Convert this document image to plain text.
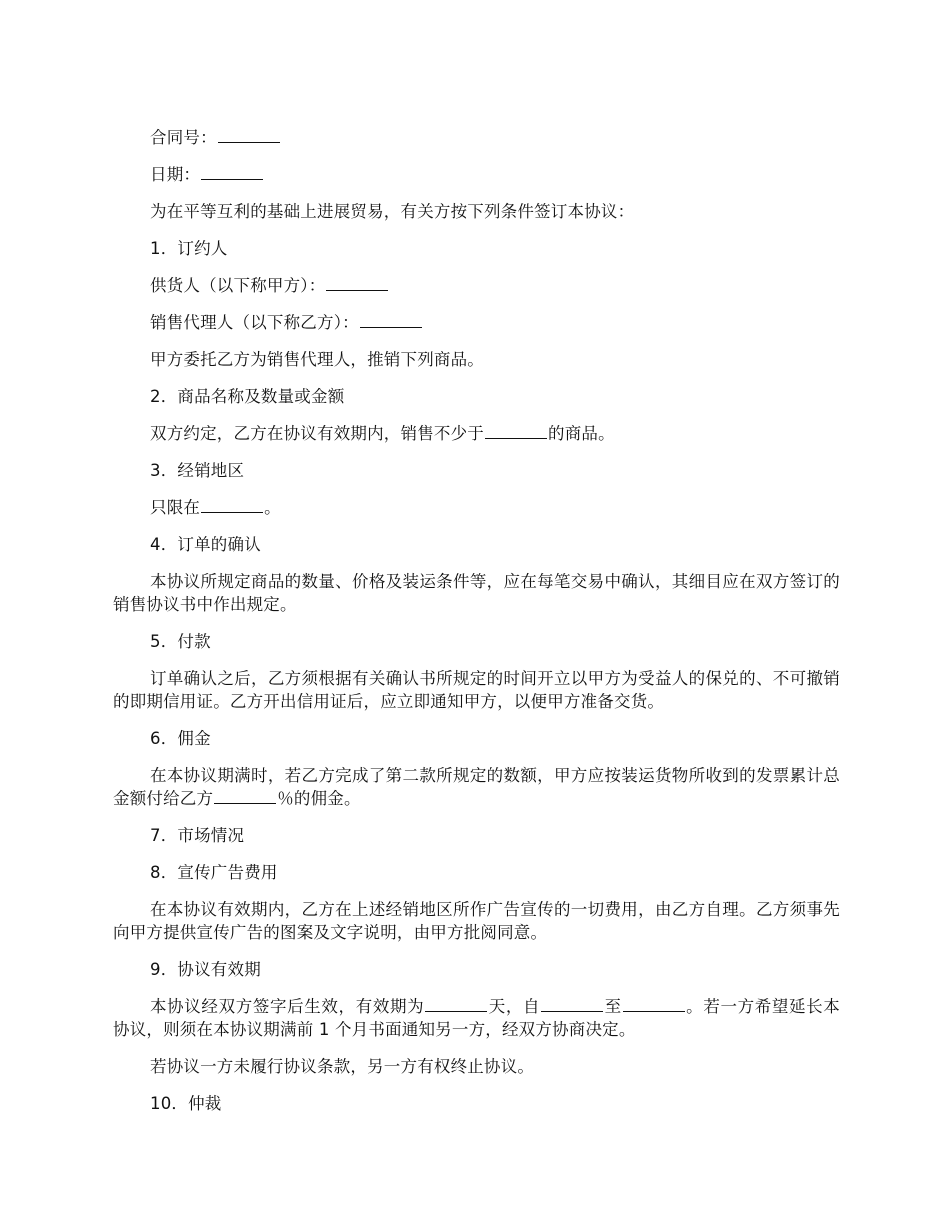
合同号：

日期：

为在平等互利的基础上进展贸易，有关方按下列条件签订本协议：

1．订约人

供货人（以下称甲方）：

销售代理人（以下称乙方）：

甲方委托乙方为销售代理人，推销下列商品。

2．商品名称及数量或金额

双方约定，乙方在协议有效期内，销售不少于	的商品。

3．经销地区

只限在	。

4．订单的确认

本协议所规定商品的数量、价格及装运条件等，应在每笔交易中确认，其细目应在双方签订的销售协议书中作出规定。

5．付款

订单确认之后，乙方须根据有关确认书所规定的时间开立以甲方为受益人的保兑的、不可撤销的即期信用证。乙方开出信用证后，应立即通知甲方，以便甲方准备交货。

6．佣金

在本协议期满时，若乙方完成了第二款所规定的数额，甲方应按装运货物所收到的发票累计总金额付给乙方	％的佣金。

7．市场情况

8．宣传广告费用

在本协议有效期内，乙方在上述经销地区所作广告宣传的一切费用，由乙方自理。乙方须事先向甲方提供宣传广告的图案及文字说明，由甲方批阅同意。

9．协议有效期

本协议经双方签字后生效，有效期为	天，自	至	。若一方希望延长本协议，则须在本协议期满前 1 个月书面通知另一方，经双方协商决定。

若协议一方未履行协议条款，另一方有权终止协议。

10．仲裁
